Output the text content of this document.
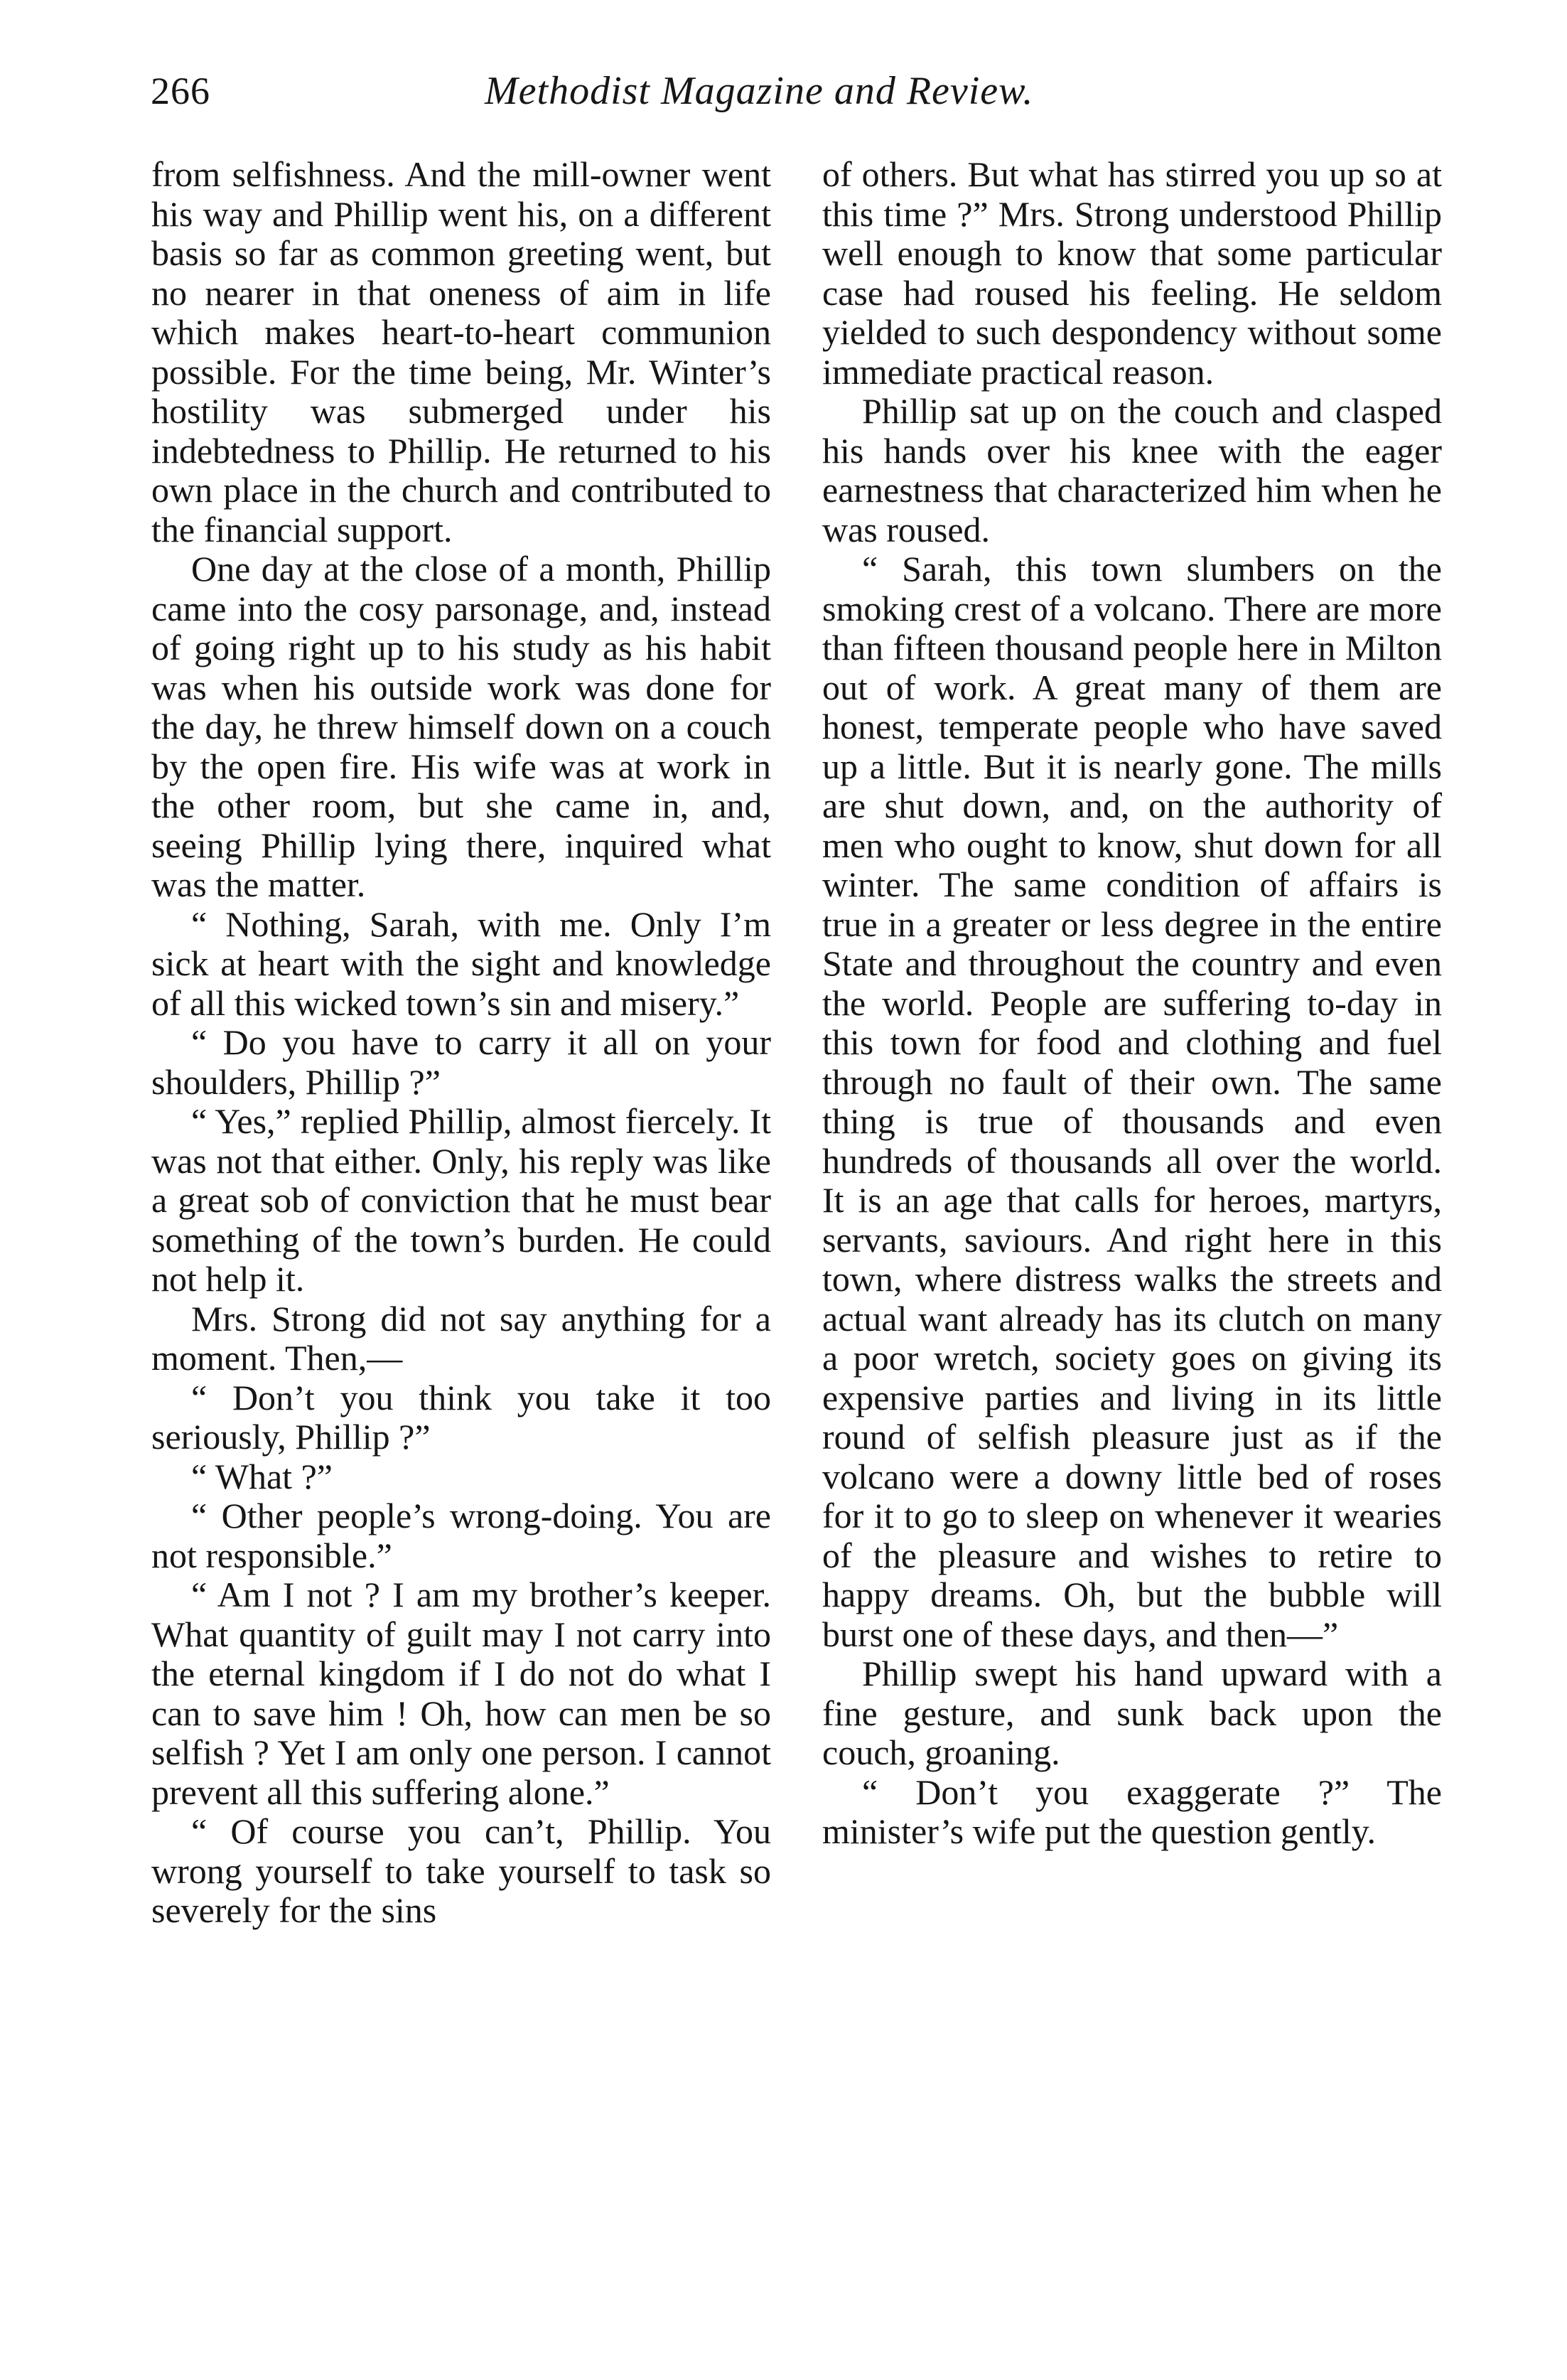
266	Methodist Magazine and Review.

from selfishness. And the mill-owner went his way and Phillip went his, on a different basis so far as common greeting went, but no nearer in that oneness of aim in life which makes heart-to-heart communion possible. For the time being, Mr. Winter’s hostility was submerged under his indebtedness to Phillip. He returned to his own place in the church and contributed to the financial support.

One day at the close of a month, Phillip came into the cosy parsonage, and, instead of going right up to his study as his habit was when his outside work was done for the day, he threw himself down on a couch by the open fire. His wife was at work in the other room, but she came in, and, seeing Phillip lying there, inquired what was the matter.

“ Nothing, Sarah, with me. Only I’m sick at heart with the sight and knowledge of all this wicked town’s sin and misery.”

“ Do you have to carry it all on your shoulders, Phillip ?”

“ Yes,” replied Phillip, almost fiercely. It was not that either. Only, his reply was like a great sob of conviction that he must bear something of the town’s burden. He could not help it.

Mrs. Strong did not say anything for a moment. Then,—

“ Don’t you think you take it too seriously, Phillip ?”

“ What ?”

“ Other people’s wrong-doing. You are not responsible.”

“ Am I not ? I am my brother’s keeper. What quantity of guilt may I not carry into the eternal kingdom if I do not do what I can to save him ! Oh, how can men be so selfish ? Yet I am only one person. I cannot prevent all this suffering alone.”

“ Of course you can’t, Phillip. You wrong yourself to take yourself to task so severely for the sins

of others. But what has stirred you up so at this time ?” Mrs. Strong understood Phillip well enough to know that some particular case had roused his feeling. He seldom yielded to such despondency without some immediate practical reason.

Phillip sat up on the couch and clasped his hands over his knee with the eager earnestness that characterized him when he was roused.

“ Sarah, this town slumbers on the smoking crest of a volcano. There are more than fifteen thousand people here in Milton out of work. A great many of them are honest, temperate people who have saved up a little. But it is nearly gone. The mills are shut down, and, on the authority of men who ought to know, shut down for all winter. The same condition of affairs is true in a greater or less degree in the entire State and throughout the country and even the world. People are suffering to-day in this town for food and clothing and fuel through no fault of their own. The same thing is true of thousands and even hundreds of thousands all over the world. It is an age that calls for heroes, martyrs, servants, saviours. And right here in this town, where distress walks the streets and actual want already has its clutch on many a poor wretch, society goes on giving its expensive parties and living in its little round of selfish pleasure just as if the volcano were a downy little bed of roses for it to go to sleep on whenever it wearies of the pleasure and wishes to retire to happy dreams. Oh, but the bubble will burst one of these days, and then—”

Phillip swept his hand upward with a fine gesture, and sunk back upon the couch, groaning.

“ Don’t you exaggerate ?” The minister’s wife put the question gently.
